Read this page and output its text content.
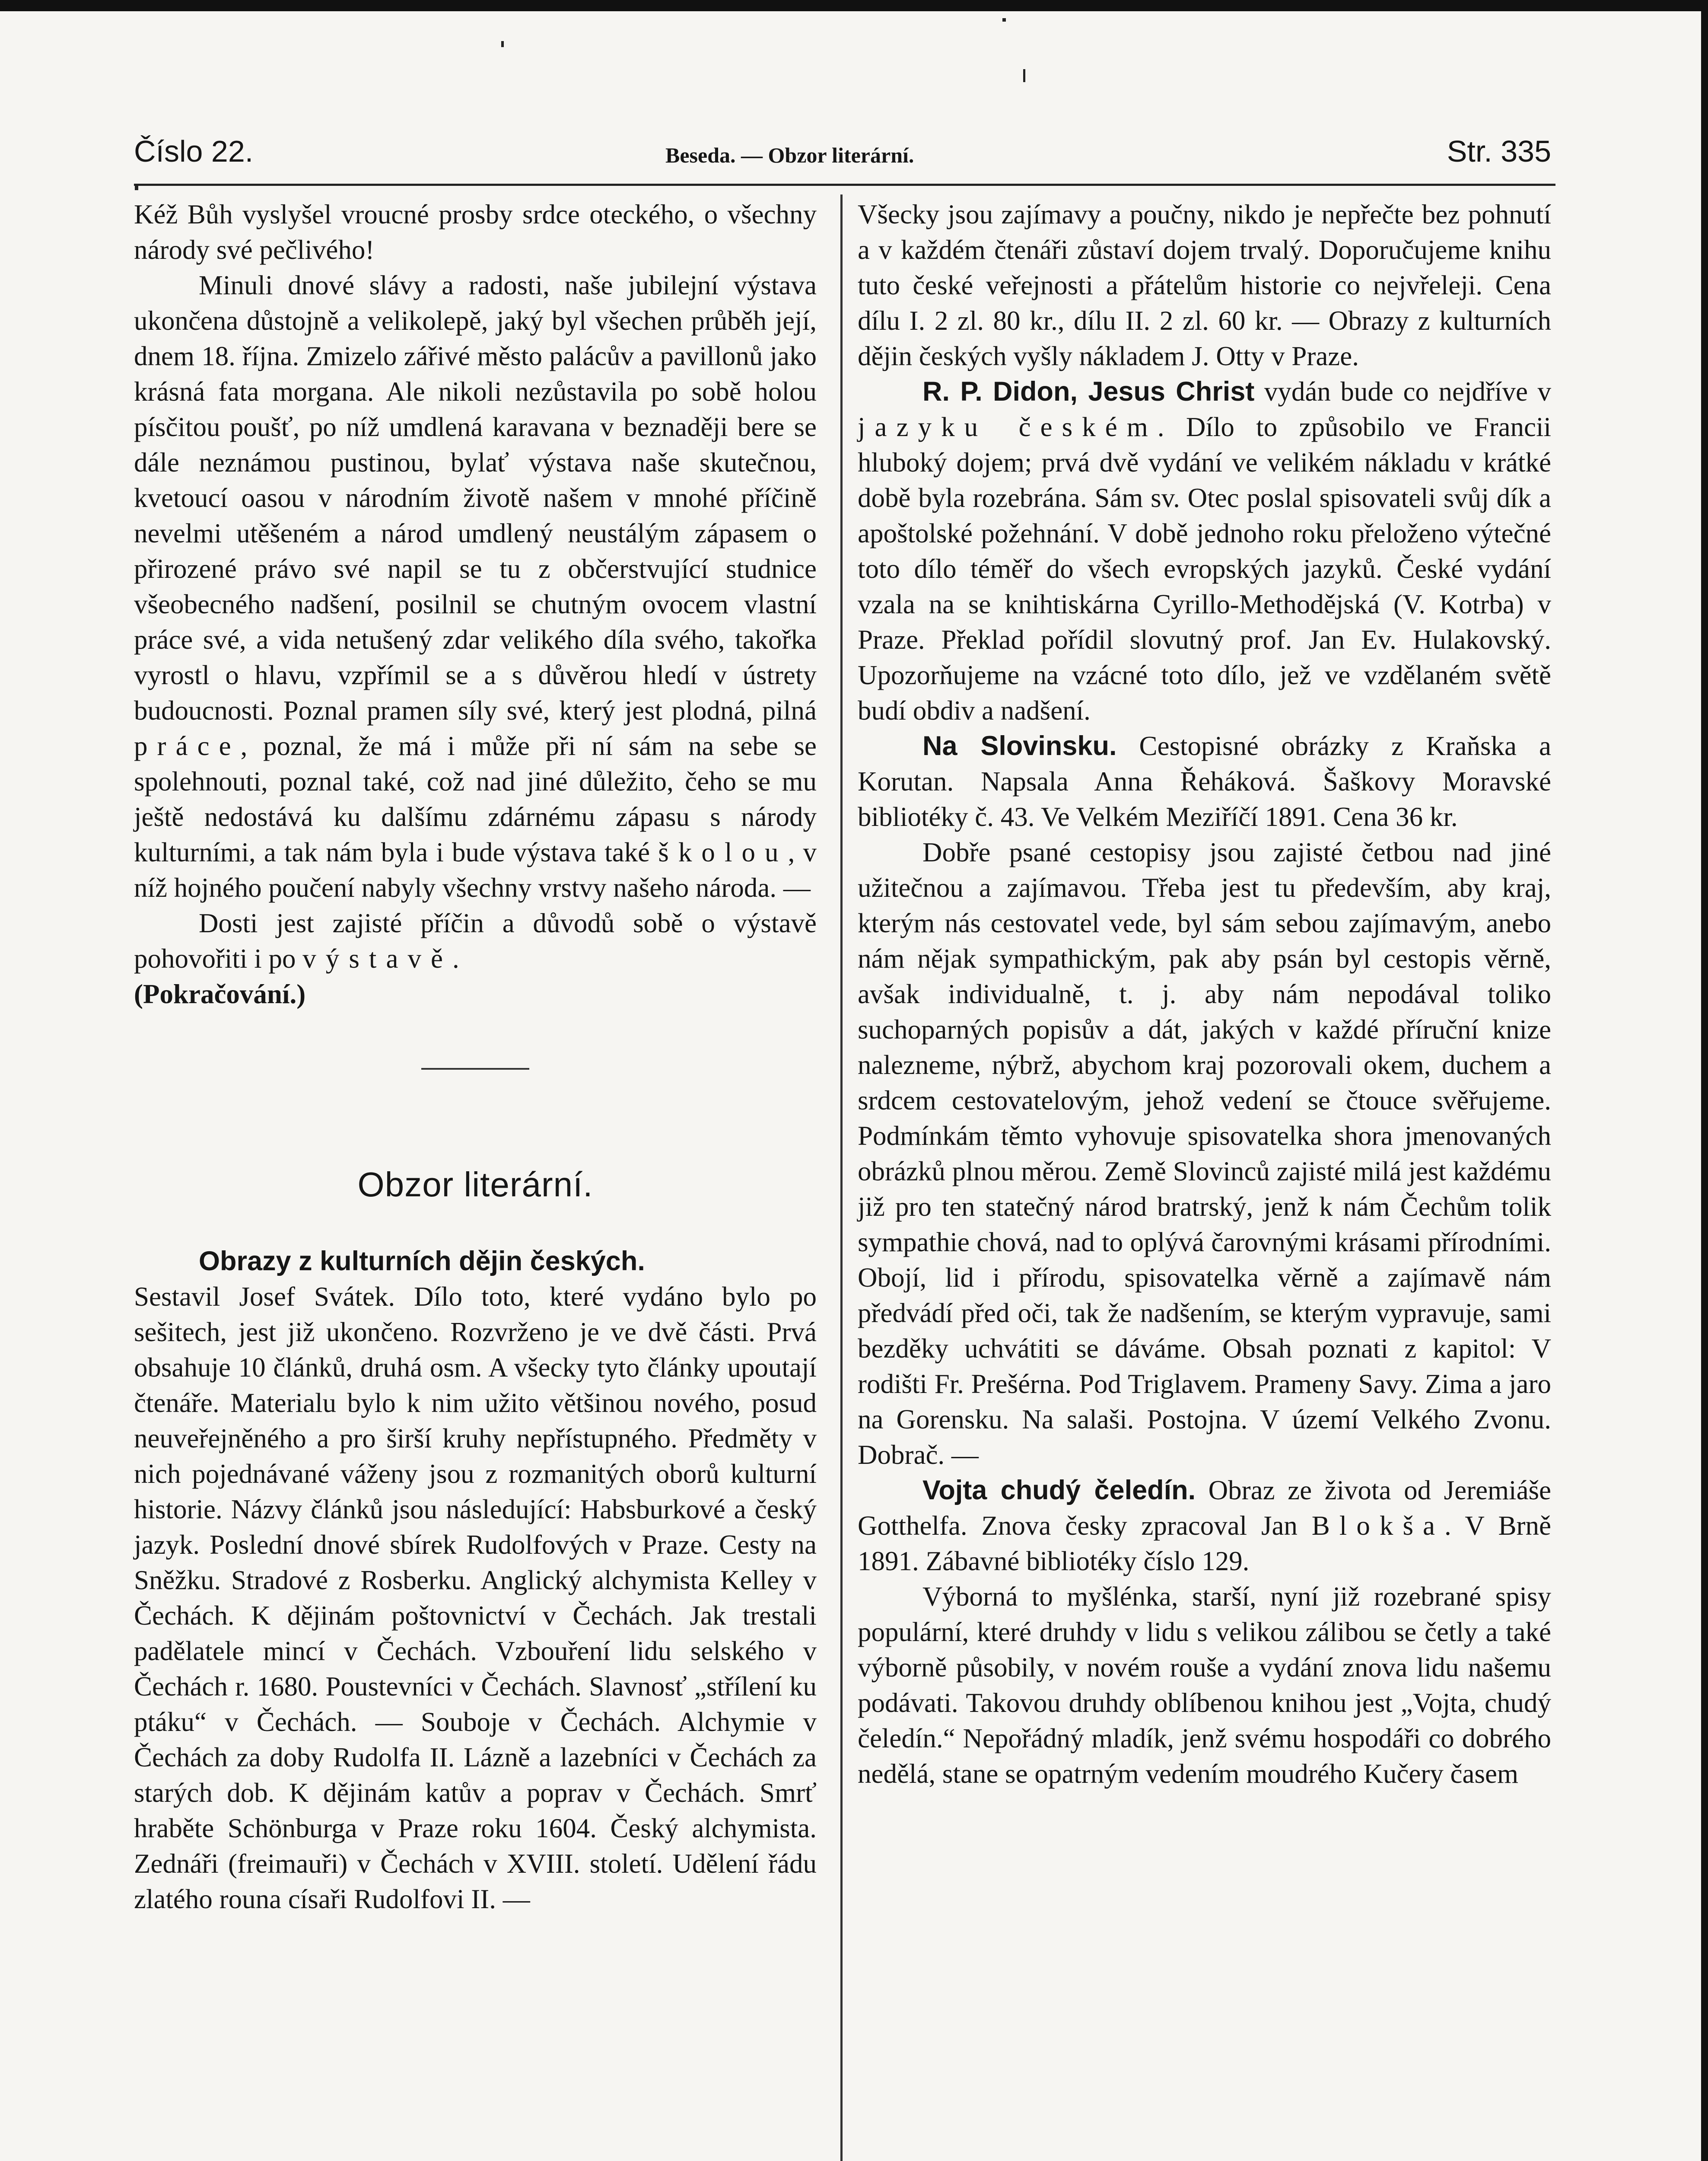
Číslo 22.	Beseda. — Obzor literární.	Str. 335

Kéž Bůh vyslyšel vroucné prosby srdce oteckého, o všechny národy své pečlivého!

Minuli dnové slávy a radosti, naše jubilejní výstava ukončena důstojně a velikolepě, jaký byl všechen průběh její, dnem 18. října. Zmizelo zářivé město palácův a pavillonů jako krásná fata morgana. Ale nikoli nezůstavila po sobě holou písčitou poušť, po níž umdlená karavana v beznaději bere se dále neznámou pustinou, bylať výstava naše skutečnou, kvetoucí oasou v národním životě našem v mnohé příčině nevelmi utěšeném a národ umdlený neustálým zápasem o přirozené právo své napil se tu z občerstvující studnice všeobecného nadšení, posilnil se chutným ovocem vlastní práce své, a vida netušený zdar velikého díla svého, takořka vyrostl o hlavu, vzpřímil se a s důvěrou hledí v ústrety budoucnosti. Poznal pramen síly své, který jest plodná, pilná práce, poznal, že má i může při ní sám na sebe se spolehnouti, poznal také, což nad jiné důležito, čeho se mu ještě nedostává ku dalšímu zdárnému zápasu s národy kulturními, a tak nám byla i bude výstava také školou, v níž hojného poučení nabyly všechny vrstvy našeho národa. —

Dosti jest zajisté příčin a důvodů sobě o výstavě pohovořiti i po výstavě.

(Pokračování.)

Obzor literární.

Obrazy z kulturních dějin českých.

Sestavil Josef Svátek. Dílo toto, které vydáno bylo po sešitech, jest již ukončeno. Rozvrženo je ve dvě části. Prvá obsahuje 10 článků, druhá osm. A všecky tyto články upoutají čtenáře. Materialu bylo k nim užito většinou nového, posud neuveřejněného a pro širší kruhy nepřístupného. Předměty v nich pojednávané váženy jsou z rozmanitých oborů kulturní historie. Názvy článků jsou následující: Habsburkové a český jazyk. Poslední dnové sbírek Rudolfových v Praze. Cesty na Sněžku. Stradové z Rosberku. Anglický alchymista Kelley v Čechách. K dějinám poštovnictví v Čechách. Jak trestali padělatele mincí v Čechách. Vzbouření lidu selského v Čechách r. 1680. Poustevníci v Čechách. Slavnosť „střílení ku ptáku“ v Čechách. — Souboje v Čechách. Alchymie v Čechách za doby Rudolfa II. Lázně a lazebníci v Čechách za starých dob. K dějinám katův a poprav v Čechách. Smrť hraběte Schönburga v Praze roku 1604. Český alchymista. Zednáři (freimauři) v Čechách v XVIII. století. Udělení řádu zlatého rouna císaři Rudolfovi II. —

Všecky jsou zajímavy a poučny, nikdo je nepřečte bez pohnutí a v každém čtenáři zůstaví dojem trvalý. Doporučujeme knihu tuto české veřejnosti a přátelům historie co nejvřeleji. Cena dílu I. 2 zl. 80 kr., dílu II. 2 zl. 60 kr. — Obrazy z kulturních dějin českých vyšly nákladem J. Otty v Praze.

R. P. Didon, Jesus Christ vydán bude co nejdříve v jazyku českém. Dílo to způsobilo ve Francii hluboký dojem; prvá dvě vydání ve velikém nákladu v krátké době byla rozebrána. Sám sv. Otec poslal spisovateli svůj dík a apoštolské požehnání. V době jednoho roku přeloženo výtečné toto dílo téměř do všech evropských jazyků. České vydání vzala na se knihtiskárna Cyrillo-Methodějská (V. Kotrba) v Praze. Překlad pořídil slovutný prof. Jan Ev. Hulakovský. Upozorňujeme na vzácné toto dílo, jež ve vzdělaném světě budí obdiv a nadšení.

Na Slovinsku. Cestopisné obrázky z Kraňska a Korutan. Napsala Anna Řeháková. Šaškovy Moravské bibliotéky č. 43. Ve Velkém Meziříčí 1891. Cena 36 kr.

Dobře psané cestopisy jsou zajisté četbou nad jiné užitečnou a zajímavou. Třeba jest tu především, aby kraj, kterým nás cestovatel vede, byl sám sebou zajímavým, anebo nám nějak sympathickým, pak aby psán byl cestopis věrně, avšak individualně, t. j. aby nám nepodával toliko suchoparných popisův a dát, jakých v každé příruční knize nalezneme, nýbrž, abychom kraj pozorovali okem, duchem a srdcem cestovatelovým, jehož vedení se čtouce svěřujeme. Podmínkám těmto vyhovuje spisovatelka shora jmenovaných obrázků plnou měrou. Země Slovinců zajisté milá jest každému již pro ten statečný národ bratrský, jenž k nám Čechům tolik sympathie chová, nad to oplývá čarovnými krásami přírodními. Obojí, lid i přírodu, spisovatelka věrně a zajímavě nám předvádí před oči, tak že nadšením, se kterým vypravuje, sami bezděky uchvátiti se dáváme. Obsah poznati z kapitol: V rodišti Fr. Prešérna. Pod Triglavem. Prameny Savy. Zima a jaro na Gorensku. Na salaši. Postojna. V území Velkého Zvonu. Dobrač. —

Vojta chudý čeledín. Obraz ze života od Jeremiáše Gotthelfa. Znova česky zpracoval Jan Blokša. V Brně 1891. Zábavné bibliotéky číslo 129.

Výborná to myšlénka, starší, nyní již rozebrané spisy populární, které druhdy v lidu s velikou zálibou se četly a také výborně působily, v novém rouše a vydání znova lidu našemu podávati. Takovou druhdy oblíbenou knihou jest „Vojta, chudý čeledín.“ Nepořádný mladík, jenž svému hospodáři co dobrého nedělá, stane se opatrným vedením moudrého Kučery časem
